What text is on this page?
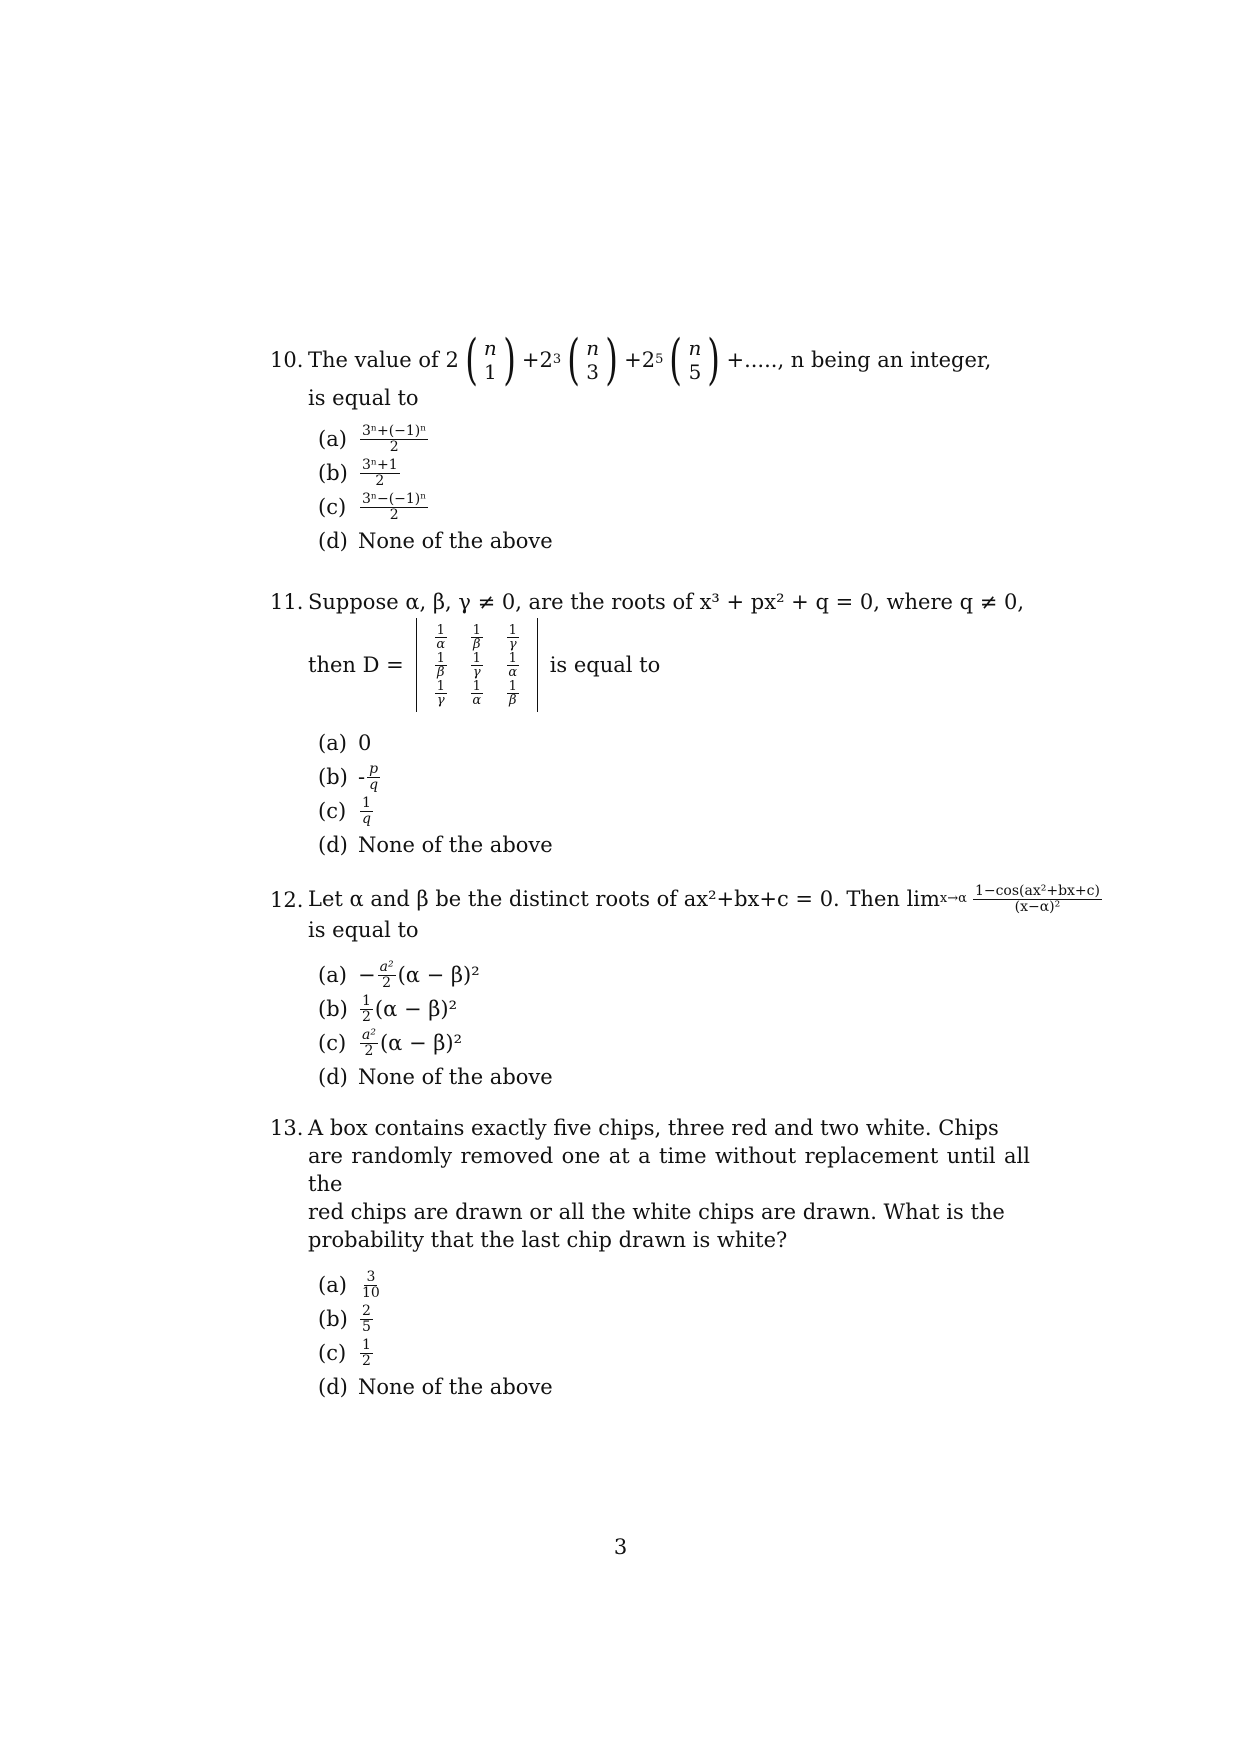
10. The value of 2 ( n
1 ) +2 3 ( n
3 ) +2 5 ( n
5 ) +....., n being an integer,
is equal to
$(a) \frac{\text{3ⁿ+(−1)ⁿ}}{2}$
$(b) \frac{\text{3ⁿ+1}}{2}$
$(c) \frac{\text{3ⁿ−(−1)ⁿ}}{2}$
(d) None of the above
11. Suppose α, β, γ ≠ 0, are the roots of x³ + px² + q = 0, where q ≠ 0,
then D =
$\frac{1}{\alpha} \frac{1}{\beta} \frac{1}{\gamma}$
$\frac{1}{\beta} \frac{1}{\gamma} \frac{1}{\alpha}$
$\frac{1}{\gamma} \frac{1}{\alpha} \frac{1}{\beta}$
is equal to
(a) 0
$(b) - \frac{p}{q}$
$(c) \frac{1}{q}$
(d) None of the above
12. Let α and β be the distinct roots of ax²+bx+c = 0. Then $\lim x\to\alpha \frac{\text{1−cos(ax²+bx+c)}}{\text{(x−α)²}}$
is equal to
$(a) - \frac{\text{a²}}{2} (\alpha - \beta)^2$
$(b) \frac{1}{2} (\alpha - \beta)^2$
$(c) \frac{\text{a²}}{2} (\alpha - \beta)^2$
(d) None of the above
13. A box contains exactly five chips, three red and two white. Chips
are randomly removed one at a time without replacement until all the
red chips are drawn or all the white chips are drawn. What is the
probability that the last chip drawn is white?
$(a) \frac{3}{10}$
$(b) \frac{2}{5}$
$(c) \frac{1}{2}$
(d) None of the above
3
